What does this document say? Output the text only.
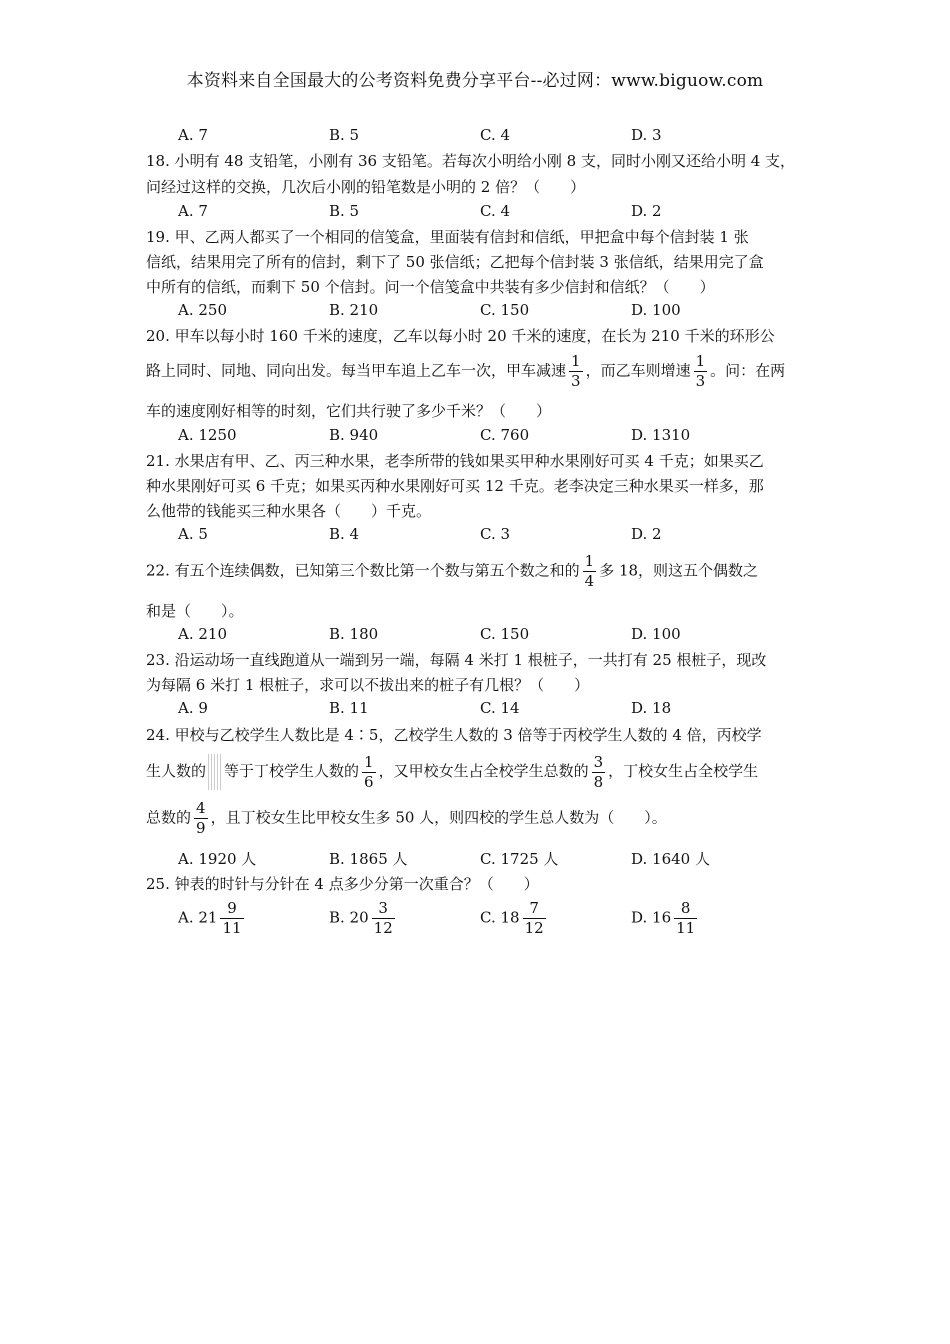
本资料来自全国最大的公考资料免费分享平台--必过网：www.biguow.com
A. 7	B. 5	C. 4	D. 3
18. 小明有 48 支铅笔，小刚有 36 支铅笔。若每次小明给小刚 8 支，同时小刚又还给小明 4 支，
问经过这样的交换，几次后小刚的铅笔数是小明的 2 倍？（　　）
A. 7	B. 5	C. 4	D. 2
19. 甲、乙两人都买了一个相同的信笺盒，里面装有信封和信纸，甲把盒中每个信封装 1 张
信纸，结果用完了所有的信封，剩下了 50 张信纸；乙把每个信封装 3 张信纸，结果用完了盒
中所有的信纸，而剩下 50 个信封。问一个信笺盒中共装有多少信封和信纸？（　　）
A. 250	B. 210	C. 150	D. 100
20. 甲车以每小时 160 千米的速度，乙车以每小时 20 千米的速度，在长为 210 千米的环形公
路上同时、同地、同向出发。每当甲车追上乙车一次，甲车减速 $\frac{1}{3}$ ，而乙车则增速 $\frac{1}{3}$ 。问：在两
车的速度刚好相等的时刻，它们共行驶了多少千米？（　　）
A. 1250	B. 940	C. 760	D. 1310
21. 水果店有甲、乙、丙三种水果，老李所带的钱如果买甲种水果刚好可买 4 千克；如果买乙
种水果刚好可买 6 千克；如果买丙种水果刚好可买 12 千克。老李决定三种水果买一样多，那
么他带的钱能买三种水果各（　　）千克。
A. 5	B. 4	C. 3	D. 2
22. 有五个连续偶数，已知第三个数比第一个数与第五个数之和的 $\frac{1}{4}$ 多 18，则这五个偶数之
和是（　　）。
A. 210	B. 180	C. 150	D. 100
23. 沿运动场一直线跑道从一端到另一端，每隔 4 米打 1 根桩子，一共打有 25 根桩子，现改
为每隔 6 米打 1 根桩子，求可以不拔出来的桩子有几根？（　　）
A. 9	B. 11	C. 14	D. 18
24. 甲校与乙校学生人数比是 4∶5，乙校学生人数的 3 倍等于丙校学生人数的 4 倍，丙校学
生人数的 等于丁校学生人数的 $\frac{1}{6}$ ，又甲校女生占全校学生总数的 $\frac{3}{8}$ ，丁校女生占全校学生
总数的 $\frac{4}{9}$ ，且丁校女生比甲校女生多 50 人，则四校的学生总人数为（　　）。
A. 1920 人	B. 1865 人	C. 1725 人	D. 1640 人
25. 钟表的时针与分针在 4 点多少分第一次重合？（　　）
A. $21 \frac{9}{11}$	B. $20 \frac{3}{12}$	C. $18 \frac{7}{12}$	D. $16 \frac{8}{11}$
